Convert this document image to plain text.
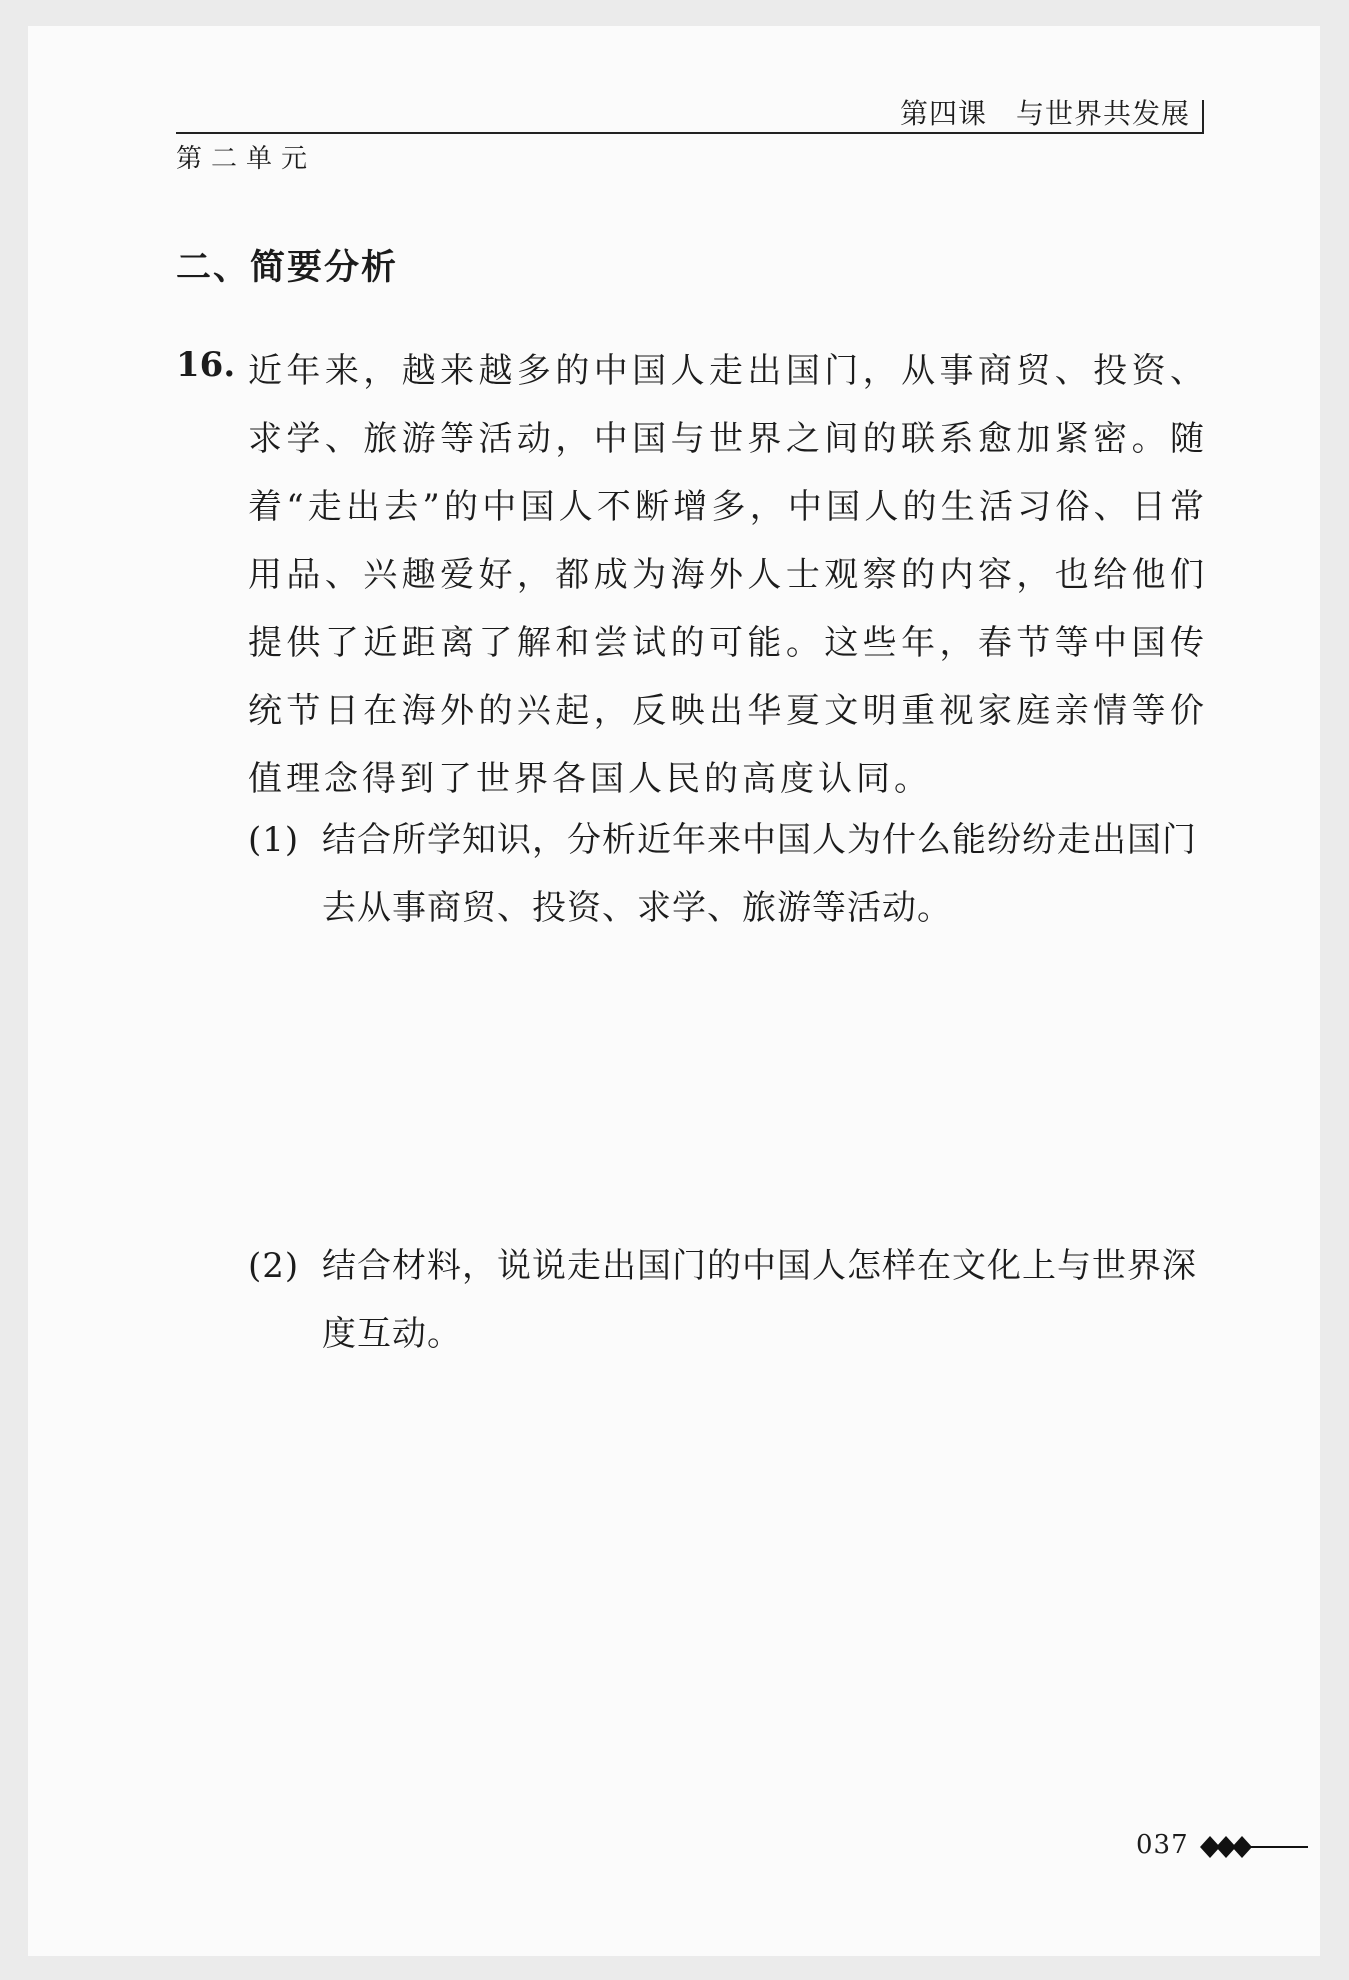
第四课　与世界共发展
第二单元
二、简要分析
16. 近年来，越来越多的中国人走出国门，从事商贸、投资、求学、旅游等活动，中国与世界之间的联系愈加紧密。随着“走出去”的中国人不断增多，中国人的生活习俗、日常用品、兴趣爱好，都成为海外人士观察的内容，也给他们提供了近距离了解和尝试的可能。这些年，春节等中国传统节日在海外的兴起，反映出华夏文明重视家庭亲情等价值理念得到了世界各国人民的高度认同。
(1) 结合所学知识，分析近年来中国人为什么能纷纷走出国门去从事商贸、投资、求学、旅游等活动。
(2) 结合材料，说说走出国门的中国人怎样在文化上与世界深度互动。
037
